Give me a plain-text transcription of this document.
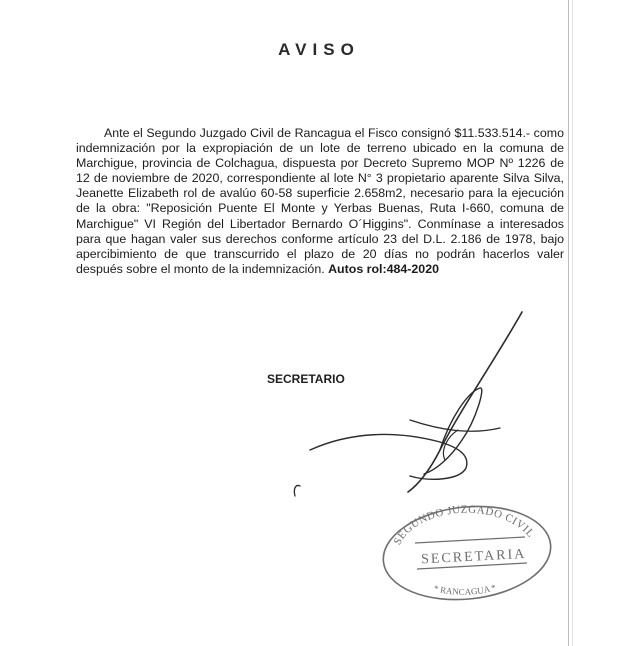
AVISO

Ante el Segundo Juzgado Civil de Rancagua el Fisco consignó $11.533.514.- como indemnización por la expropiación de un lote de terreno ubicado en la comuna de Marchigue, provincia de Colchagua, dispuesta por Decreto Supremo MOP Nº 1226 de 12 de noviembre de 2020, correspondiente al lote N° 3 propietario aparente Silva Silva, Jeanette Elizabeth rol de avalúo 60-58 superficie 2.658m2, necesario para la ejecución de la obra: "Reposición Puente El Monte y Yerbas Buenas, Ruta I-660, comuna de Marchigue" VI Región del Libertador Bernardo O´Higgins". Conmínase a interesados para que hagan valer sus derechos conforme artículo 23 del D.L. 2.186 de 1978, bajo apercibimiento de que transcurrido el plazo de 20 días no podrán hacerlos valer después sobre el monto de la indemnización. Autos rol:484-2020

SECRETARIO
SEGUNDO JUZGADO CIVIL
SECRETARIA
* RANCAGUA *
